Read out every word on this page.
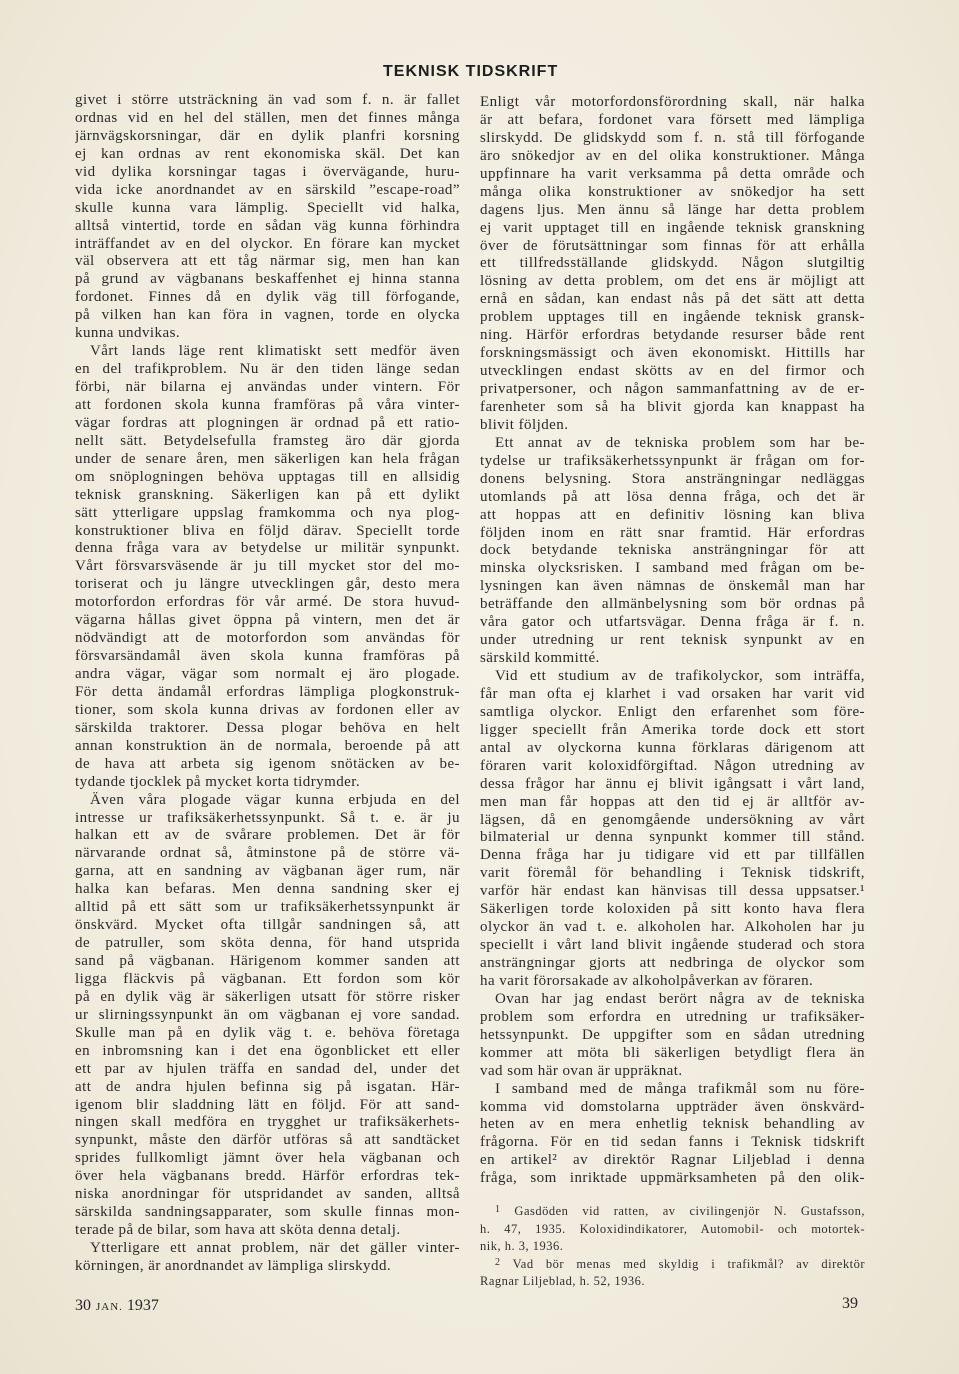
TEKNISK TIDSKRIFT
givet i större utsträckning än vad som f. n. är fallet
ordnas vid en hel del ställen, men det finnes många
järnvägskorsningar, där en dylik planfri korsning
ej kan ordnas av rent ekonomiska skäl. Det kan
vid dylika korsningar tagas i övervägande, huru-
vida icke anordnandet av en särskild ”escape-road”
skulle kunna vara lämplig. Speciellt vid halka,
alltså vintertid, torde en sådan väg kunna förhindra
inträffandet av en del olyckor. En förare kan mycket
väl observera att ett tåg närmar sig, men han kan
på grund av vägbanans beskaffenhet ej hinna stanna
fordonet. Finnes då en dylik väg till förfogande,
på vilken han kan föra in vagnen, torde en olycka
kunna undvikas.
Vårt lands läge rent klimatiskt sett medför även
en del trafikproblem. Nu är den tiden länge sedan
förbi, när bilarna ej användas under vintern. För
att fordonen skola kunna framföras på våra vinter-
vägar fordras att plogningen är ordnad på ett ratio-
nellt sätt. Betydelsefulla framsteg äro där gjorda
under de senare åren, men säkerligen kan hela frågan
om snöplogningen behöva upptagas till en allsidig
teknisk granskning. Säkerligen kan på ett dylikt
sätt ytterligare uppslag framkomma och nya plog-
konstruktioner bliva en följd därav. Speciellt torde
denna fråga vara av betydelse ur militär synpunkt.
Vårt försvarsväsende är ju till mycket stor del mo-
toriserat och ju längre utvecklingen går, desto mera
motorfordon erfordras för vår armé. De stora huvud-
vägarna hållas givet öppna på vintern, men det är
nödvändigt att de motorfordon som användas för
försvarsändamål även skola kunna framföras på
andra vägar, vägar som normalt ej äro plogade.
För detta ändamål erfordras lämpliga plogkonstruk-
tioner, som skola kunna drivas av fordonen eller av
särskilda traktorer. Dessa plogar behöva en helt
annan konstruktion än de normala, beroende på att
de hava att arbeta sig igenom snötäcken av be-
tydande tjocklek på mycket korta tidrymder.
Även våra plogade vägar kunna erbjuda en del
intresse ur trafiksäkerhetssynpunkt. Så t. e. är ju
halkan ett av de svårare problemen. Det är för
närvarande ordnat så, åtminstone på de större vä-
garna, att en sandning av vägbanan äger rum, när
halka kan befaras. Men denna sandning sker ej
alltid på ett sätt som ur trafiksäkerhetssynpunkt är
önskvärd. Mycket ofta tillgår sandningen så, att
de patruller, som sköta denna, för hand utsprida
sand på vägbanan. Härigenom kommer sanden att
ligga fläckvis på vägbanan. Ett fordon som kör
på en dylik väg är säkerligen utsatt för större risker
ur slirningssynpunkt än om vägbanan ej vore sandad.
Skulle man på en dylik väg t. e. behöva företaga
en inbromsning kan i det ena ögonblicket ett eller
ett par av hjulen träffa en sandad del, under det
att de andra hjulen befinna sig på isgatan. Här-
igenom blir sladdning lätt en följd. För att sand-
ningen skall medföra en trygghet ur trafiksäkerhets-
synpunkt, måste den därför utföras så att sandtäcket
sprides fullkomligt jämnt över hela vägbanan och
över hela vägbanans bredd. Härför erfordras tek-
niska anordningar för utspridandet av sanden, alltså
särskilda sandningsapparater, som skulle finnas mon-
terade på de bilar, som hava att sköta denna detalj.
Ytterligare ett annat problem, när det gäller vinter-
körningen, är anordnandet av lämpliga slirskydd.
Enligt vår motorfordonsförordning skall, när halka
är att befara, fordonet vara försett med lämpliga
slirskydd. De glidskydd som f. n. stå till förfogande
äro snökedjor av en del olika konstruktioner. Många
uppfinnare ha varit verksamma på detta område och
många olika konstruktioner av snökedjor ha sett
dagens ljus. Men ännu så länge har detta problem
ej varit upptaget till en ingående teknisk granskning
över de förutsättningar som finnas för att erhålla
ett tillfredsställande glidskydd. Någon slutgiltig
lösning av detta problem, om det ens är möjligt att
ernå en sådan, kan endast nås på det sätt att detta
problem upptages till en ingående teknisk gransk-
ning. Härför erfordras betydande resurser både rent
forskningsmässigt och även ekonomiskt. Hittills har
utvecklingen endast skötts av en del firmor och
privatpersoner, och någon sammanfattning av de er-
farenheter som så ha blivit gjorda kan knappast ha
blivit följden.
Ett annat av de tekniska problem som har be-
tydelse ur trafiksäkerhetssynpunkt är frågan om for-
donens belysning. Stora ansträngningar nedläggas
utomlands på att lösa denna fråga, och det är
att hoppas att en definitiv lösning kan bliva
följden inom en rätt snar framtid. Här erfordras
dock betydande tekniska ansträngningar för att
minska olycksrisken. I samband med frågan om be-
lysningen kan även nämnas de önskemål man har
beträffande den allmänbelysning som bör ordnas på
våra gator och utfartsvägar. Denna fråga är f. n.
under utredning ur rent teknisk synpunkt av en
särskild kommitté.
Vid ett studium av de trafikolyckor, som inträffa,
får man ofta ej klarhet i vad orsaken har varit vid
samtliga olyckor. Enligt den erfarenhet som före-
ligger speciellt från Amerika torde dock ett stort
antal av olyckorna kunna förklaras därigenom att
föraren varit koloxidförgiftad. Någon utredning av
dessa frågor har ännu ej blivit igångsatt i vårt land,
men man får hoppas att den tid ej är alltför av-
lägsen, då en genomgående undersökning av vårt
bilmaterial ur denna synpunkt kommer till stånd.
Denna fråga har ju tidigare vid ett par tillfällen
varit föremål för behandling i Teknisk tidskrift,
varför här endast kan hänvisas till dessa uppsatser.¹
Säkerligen torde koloxiden på sitt konto hava flera
olyckor än vad t. e. alkoholen har. Alkoholen har ju
speciellt i vårt land blivit ingående studerad och stora
ansträngningar gjorts att nedbringa de olyckor som
ha varit förorsakade av alkoholpåverkan av föraren.
Ovan har jag endast berört några av de tekniska
problem som erfordra en utredning ur trafiksäker-
hetssynpunkt. De uppgifter som en sådan utredning
kommer att möta bli säkerligen betydligt flera än
vad som här ovan är uppräknat.
I samband med de många trafikmål som nu före-
komma vid domstolarna uppträder även önskvärd-
heten av en mera enhetlig teknisk behandling av
frågorna. För en tid sedan fanns i Teknisk tidskrift
en artikel² av direktör Ragnar Liljeblad i denna
fråga, som inriktade uppmärksamheten på den olik-
$^1$ Gasdöden vid ratten, av civilingenjör N. Gustafsson,
h. 47, 1935. Koloxidindikatorer, Automobil- och motortek-
nik, h. 3, 1936.
$^2$ Vad bör menas med skyldig i trafikmål? av direktör
Ragnar Liljeblad, h. 52, 1936.
30 JAN. 1937	39
